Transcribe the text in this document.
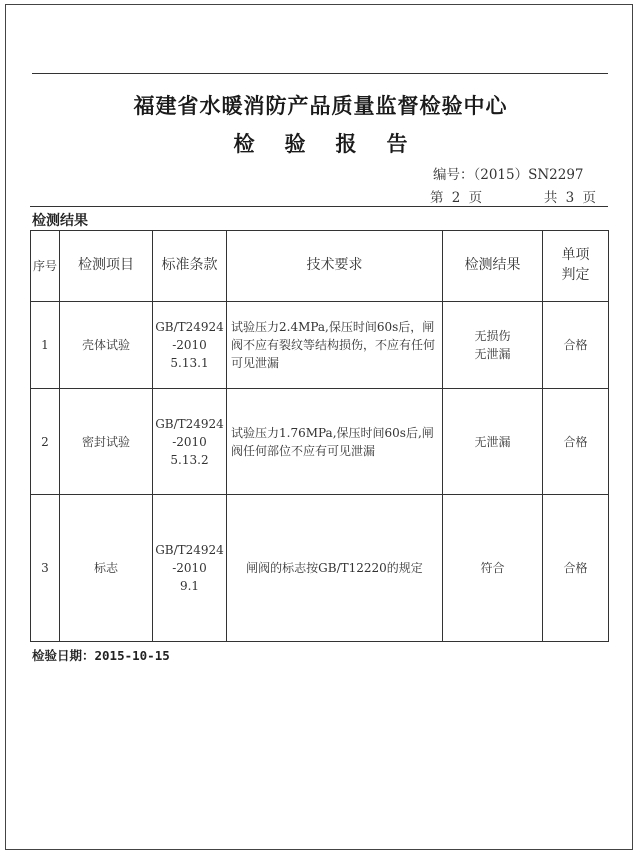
福建省水暖消防产品质量监督检验中心
检验报告
编号：（2015）SN2297
第 2 页	共 3 页
检测结果
序号	检测项目	标准条款	技术要求	检测结果	单项判定
1	壳体试验	GB/T24924
-2010
5.13.1	试验压力2.4MPa,保压时间60s后，闸阀不应有裂纹等结构损伤，不应有任何可见泄漏	无损伤
无泄漏	合格
2	密封试验	GB/T24924
-2010
5.13.2	试验压力1.76MPa,保压时间60s后,闸阀任何部位不应有可见泄漏	无泄漏	合格
3	标志	GB/T24924
-2010
9.1	闸阀的标志按GB/T12220的规定	符合	合格
检验日期：2015-10-15
